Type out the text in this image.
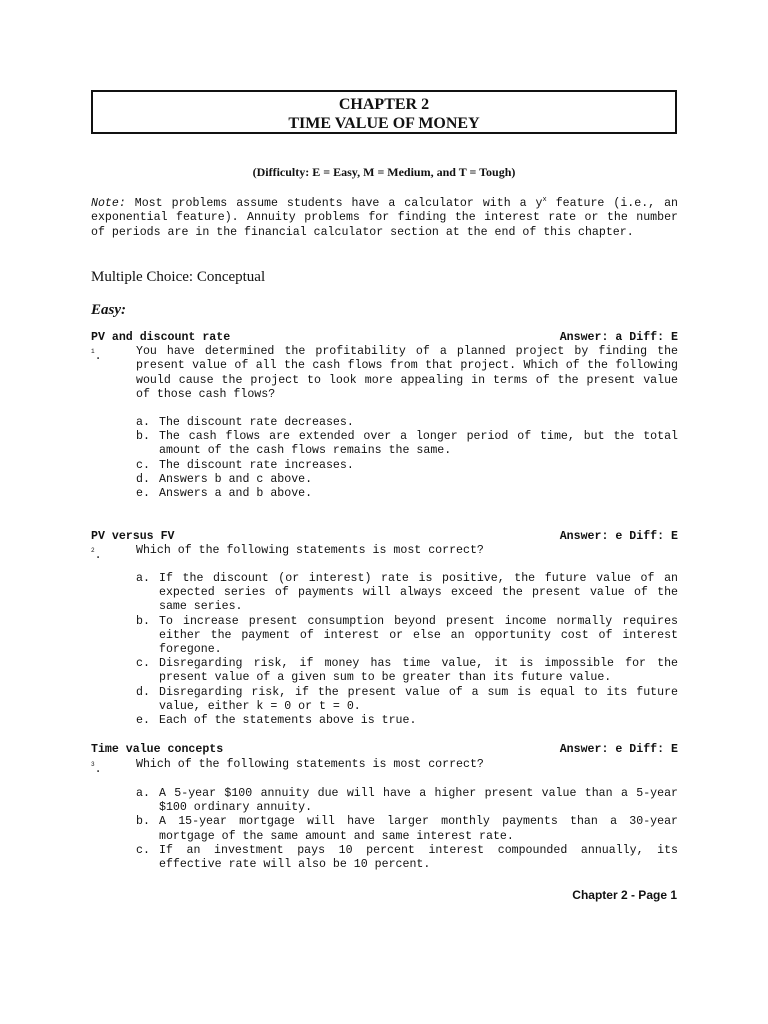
CHAPTER 2
TIME VALUE OF MONEY
(Difficulty: E = Easy, M = Medium, and T = Tough)
Note: Most problems assume students have a calculator with a $y^x$ feature (i.e., an exponential feature). Annuity problems for finding the interest rate or the number of periods are in the financial calculator section at the end of this chapter.
Multiple Choice: Conceptual
Easy:
PV and discount rate	Answer: a Diff: E
$^1$.	You have determined the profitability of a planned project by finding the present value of all the cash flows from that project. Which of the following would cause the project to look more appealing in terms of the present value of those cash flows?
a. The discount rate decreases.
b. The cash flows are extended over a longer period of time, but the total amount of the cash flows remains the same.
c. The discount rate increases.
d. Answers b and c above.
e. Answers a and b above.
PV versus FV	Answer: e Diff: E
$^2$.	Which of the following statements is most correct?
a. If the discount (or interest) rate is positive, the future value of an expected series of payments will always exceed the present value of the same series.
b. To increase present consumption beyond present income normally requires either the payment of interest or else an opportunity cost of interest foregone.
c. Disregarding risk, if money has time value, it is impossible for the present value of a given sum to be greater than its future value.
d. Disregarding risk, if the present value of a sum is equal to its future value, either k = 0 or t = 0.
e. Each of the statements above is true.
Time value concepts	Answer: e Diff: E
$^3$.	Which of the following statements is most correct?
a. A 5-year $100 annuity due will have a higher present value than a 5-year $100 ordinary annuity.
b. A 15-year mortgage will have larger monthly payments than a 30-year mortgage of the same amount and same interest rate.
c. If an investment pays 10 percent interest compounded annually, its effective rate will also be 10 percent.
Chapter 2 - Page 1
